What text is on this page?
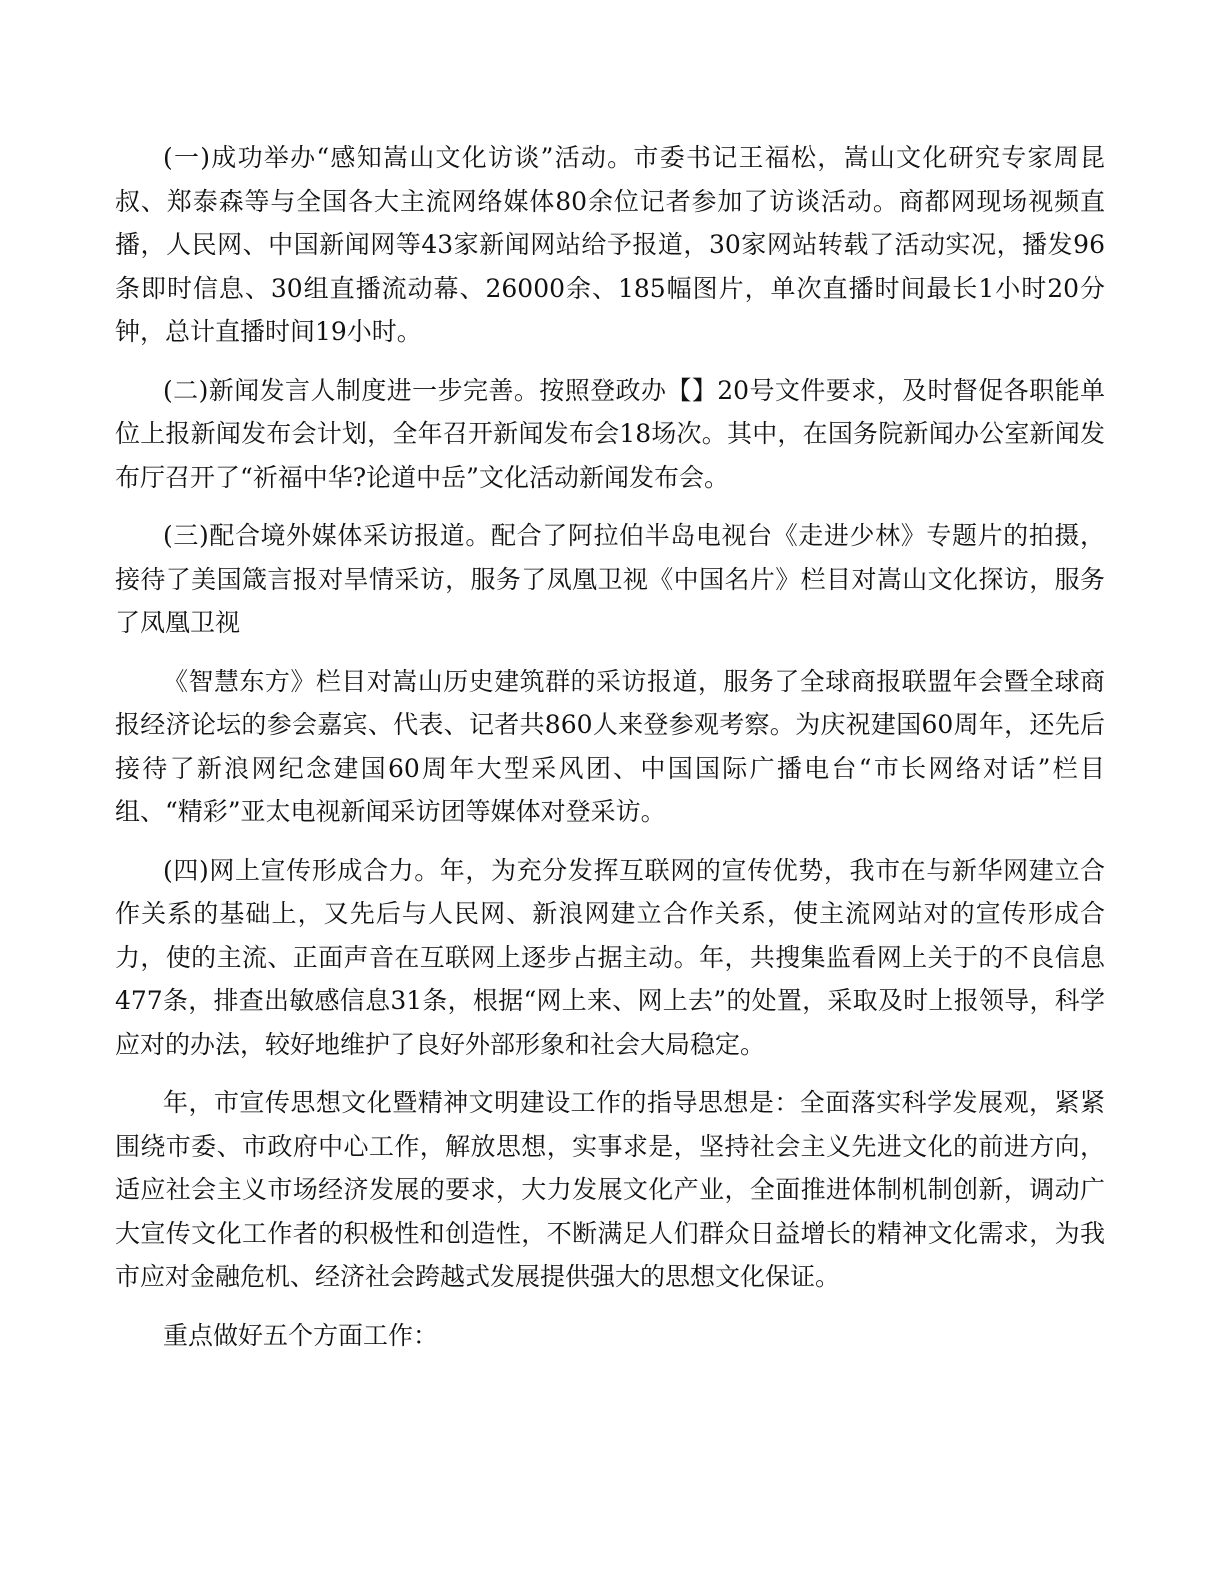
(一)成功举办“感知嵩山文化访谈”活动。市委书记王福松，嵩山文化研究专家周昆叔、郑泰森等与全国各大主流网络媒体80余位记者参加了访谈活动。商都网现场视频直播，人民网、中国新闻网等43家新闻网站给予报道，30家网站转载了活动实况，播发96条即时信息、30组直播流动幕、26000余、185幅图片，单次直播时间最长1小时20分钟，总计直播时间19小时。

(二)新闻发言人制度进一步完善。按照登政办【】20号文件要求，及时督促各职能单位上报新闻发布会计划，全年召开新闻发布会18场次。其中，在国务院新闻办公室新闻发布厅召开了“祈福中华?论道中岳”文化活动新闻发布会。

(三)配合境外媒体采访报道。配合了阿拉伯半岛电视台《走进少林》专题片的拍摄，接待了美国箴言报对旱情采访，服务了凤凰卫视《中国名片》栏目对嵩山文化探访，服务了凤凰卫视

《智慧东方》栏目对嵩山历史建筑群的采访报道，服务了全球商报联盟年会暨全球商报经济论坛的参会嘉宾、代表、记者共860人来登参观考察。为庆祝建国60周年，还先后接待了新浪网纪念建国60周年大型采风团、中国国际广播电台“市长网络对话”栏目组、“精彩”亚太电视新闻采访团等媒体对登采访。

(四)网上宣传形成合力。年，为充分发挥互联网的宣传优势，我市在与新华网建立合作关系的基础上，又先后与人民网、新浪网建立合作关系，使主流网站对的宣传形成合力，使的主流、正面声音在互联网上逐步占据主动。年，共搜集监看网上关于的不良信息477条，排查出敏感信息31条，根据“网上来、网上去”的处置，采取及时上报领导，科学应对的办法，较好地维护了良好外部形象和社会大局稳定。

年，市宣传思想文化暨精神文明建设工作的指导思想是：全面落实科学发展观，紧紧围绕市委、市政府中心工作，解放思想，实事求是，坚持社会主义先进文化的前进方向，适应社会主义市场经济发展的要求，大力发展文化产业，全面推进体制机制创新，调动广大宣传文化工作者的积极性和创造性，不断满足人们群众日益增长的精神文化需求，为我市应对金融危机、经济社会跨越式发展提供强大的思想文化保证。

重点做好五个方面工作：
